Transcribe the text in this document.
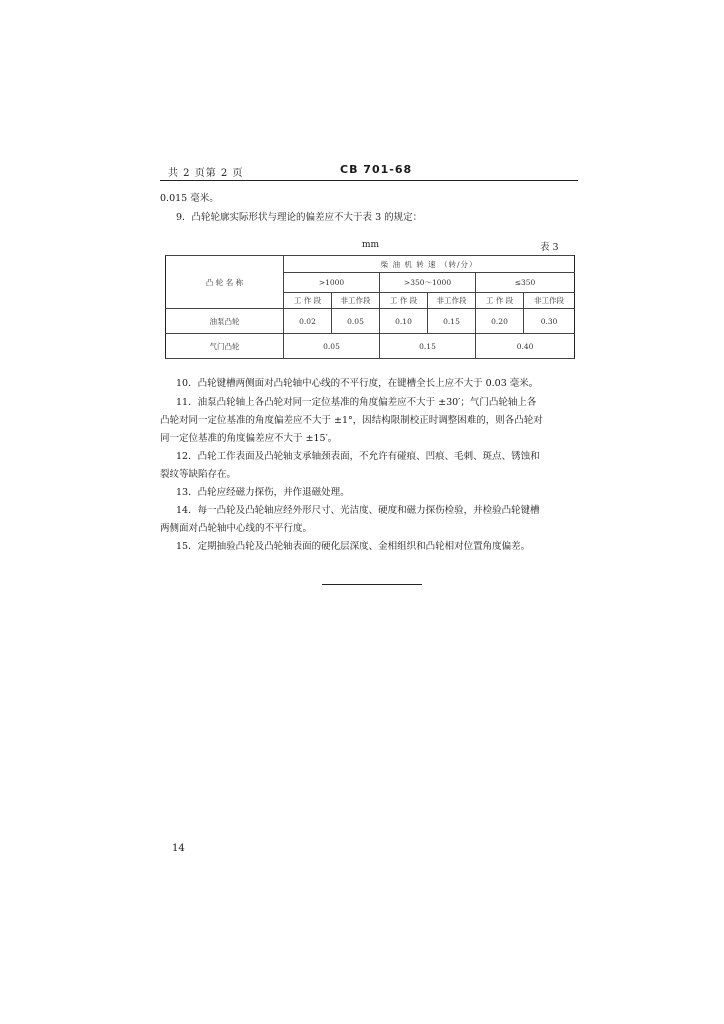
共 2 页第 2 页	CB 701-68
0.015 毫米。
9．凸轮轮廓实际形状与理论的偏差应不大于表 3 的规定：
mm	表 3
凸 轮 名 称	柴 油 机 转 速 （转/分）					
	>1000		>350～1000		≤350	
	工 作 段	非工作段	工 作 段	非工作段	工 作 段	非工作段
油泵凸轮	0.02	0.05	0.10	0.15	0.20	0.30
气门凸轮	0.05		0.15		0.40	
10．凸轮键槽两侧面对凸轮轴中心线的不平行度，在键槽全长上应不大于 0.03 毫米。
11．油泵凸轮轴上各凸轮对同一定位基准的角度偏差应不大于 ±30′；气门凸轮轴上各
凸轮对同一定位基准的角度偏差应不大于 ±1°，因结构限制校正时调整困难的，则各凸轮对
同一定位基准的角度偏差应不大于 ±15′。
12．凸轮工作表面及凸轮轴支承轴颈表面，不允许有碰痕、凹痕、毛刺、斑点、锈蚀和
裂纹等缺陷存在。
13．凸轮应经磁力探伤，并作退磁处理。
14．每一凸轮及凸轮轴应经外形尺寸、光洁度、硬度和磁力探伤检验，并检验凸轮键槽
两侧面对凸轮轴中心线的不平行度。
15．定期抽验凸轮及凸轮轴表面的硬化层深度、金相组织和凸轮相对位置角度偏差。
14
